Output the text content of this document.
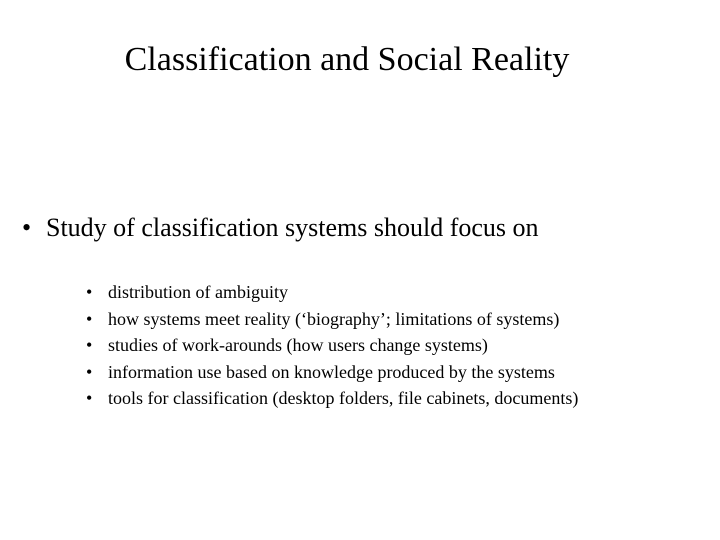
Classification and Social Reality
• Study of classification systems should focus on
• distribution of ambiguity
• how systems meet reality (‘biography’; limitations of systems)
• studies of work-arounds (how users change systems)
• information use based on knowledge produced by the systems
• tools for classification (desktop folders, file cabinets, documents)
